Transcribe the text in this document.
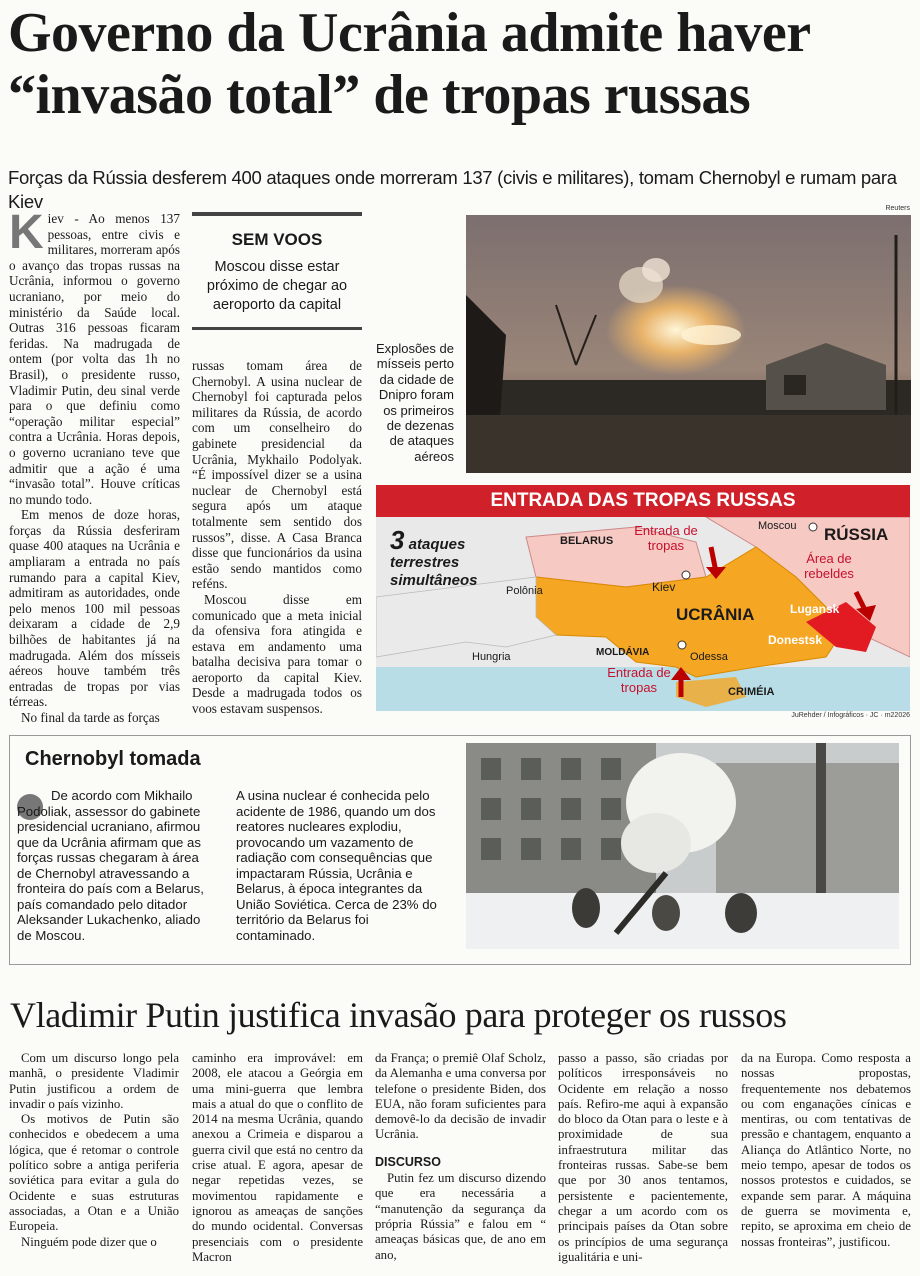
Governo da Ucrânia admite haver
“invasão total” de tropas russas
Forças da Rússia desferem 400 ataques onde morreram 137 (civis e militares), tomam Chernobyl e rumam para Kiev

Kiev - Ao menos 137 pessoas, entre civis e militares, morreram após o avanço das tropas russas na Ucrânia, informou o governo ucraniano, por meio do ministério da Saúde local. Outras 316 pessoas ficaram feridas. Na madrugada de ontem (por volta das 1h no Brasil), o presidente russo, Vladimir Putin, deu sinal verde para o que definiu como “operação militar especial” contra a Ucrânia. Horas depois, o governo ucraniano teve que admitir que a ação é uma “invasão total”. Houve críticas no mundo todo.

Em menos de doze horas, forças da Rússia desferiram quase 400 ataques na Ucrânia e ampliaram a entrada no país rumando para a capital Kiev, admitiram as autoridades, onde pelo menos 100 mil pessoas deixaram a cidade de 2,9 bilhões de habitantes já na madrugada. Além dos mísseis aéreos houve também três entradas de tropas por vias térreas.

No final da tarde as forças

SEM VOOS
Moscou disse estar próximo de chegar ao aeroporto da capital

russas tomam área de Chernobyl. A usina nuclear de Chernobyl foi capturada pelos militares da Rússia, de acordo com um conselheiro do gabinete presidencial da Ucrânia, Mykhailo Podolyak. “É impossível dizer se a usina nuclear de Chernobyl está segura após um ataque totalmente sem sentido dos russos”, disse. A Casa Branca disse que funcionários da usina estão sendo mantidos como reféns.

Moscou disse em comunicado que a meta inicial da ofensiva fora atingida e estava em andamento uma batalha decisiva para tomar o aeroporto da capital Kiev. Desde a madrugada todos os voos estavam suspensos.

Reuters
Explosões de mísseis perto da cidade de Dnipro foram os primeiros de dezenas de ataques aéreos
ENTRADA DAS TROPAS RUSSAS
3 ataques
terrestres simultâneos
BELARUS
Polônia
Hungria	MOLDÁVIA
UCRÂNIA
RÚSSIA
CRIMÉIA
Kiev
Odessa
Moscou
Lugansk
Donestsk
Entrada de tropas
Entrada de tropas
Área de rebeldes
JuRehder / Infográficos · JC · m22026
Chernobyl tomada
De acordo com Mikhailo Podoliak, assessor do gabinete presidencial ucraniano, afirmou que da Ucrânia afirmam que as forças russas chegaram à área de Chernobyl atravessando a fronteira do país com a Belarus, país comandado pelo ditador Aleksander Lukachenko, aliado de Moscou.
A usina nuclear é conhecida pelo acidente de 1986, quando um dos reatores nucleares explodiu, provocando um vazamento de radiação com consequências que impactaram Rússia, Ucrânia e Belarus, à época integrantes da União Soviética. Cerca de 23% do território da Belarus foi contaminado.
Vladimir Putin justifica invasão para proteger os russos

Com um discurso longo pela manhã, o presidente Vladimir Putin justificou a ordem de invadir o país vizinho.

Os motivos de Putin são conhecidos e obedecem a uma lógica, que é retomar o controle político sobre a antiga periferia soviética para evitar a gula do Ocidente e suas estruturas associadas, a Otan e a União Europeia.

Ninguém pode dizer que o

caminho era improvável: em 2008, ele atacou a Geórgia em uma mini-guerra que lembra mais a atual do que o conflito de 2014 na mesma Ucrânia, quando anexou a Crimeia e disparou a guerra civil que está no centro da crise atual. E agora, apesar de negar repetidas vezes, se movimentou rapidamente e ignorou as ameaças de sanções do mundo ocidental. Conversas presenciais com o presidente Macron

da França; o premiê Olaf Scholz, da Alemanha e uma conversa por telefone o presidente Biden, dos EUA, não foram suficientes para demovê-lo da decisão de invadir Ucrânia.

DISCURSO

Putin fez um discurso dizendo que era necessária a “manutenção da segurança da própria Rússia” e falou em “ ameaças básicas que, de ano em ano,

passo a passo, são criadas por políticos irresponsáveis no Ocidente em relação a nosso país. Refiro-me aqui à expansão do bloco da Otan para o leste e à proximidade de sua infraestrutura militar das fronteiras russas. Sabe-se bem que por 30 anos tentamos, persistente e pacientemente, chegar a um acordo com os principais países da Otan sobre os princípios de uma segurança igualitária e uni-

da na Europa. Como resposta a nossas propostas, frequentemente nos debatemos ou com enganações cínicas e mentiras, ou com tentativas de pressão e chantagem, enquanto a Aliança do Atlântico Norte, no meio tempo, apesar de todos os nossos protestos e cuidados, se expande sem parar. A máquina de guerra se movimenta e, repito, se aproxima em cheio de nossas fronteiras”, justificou.
